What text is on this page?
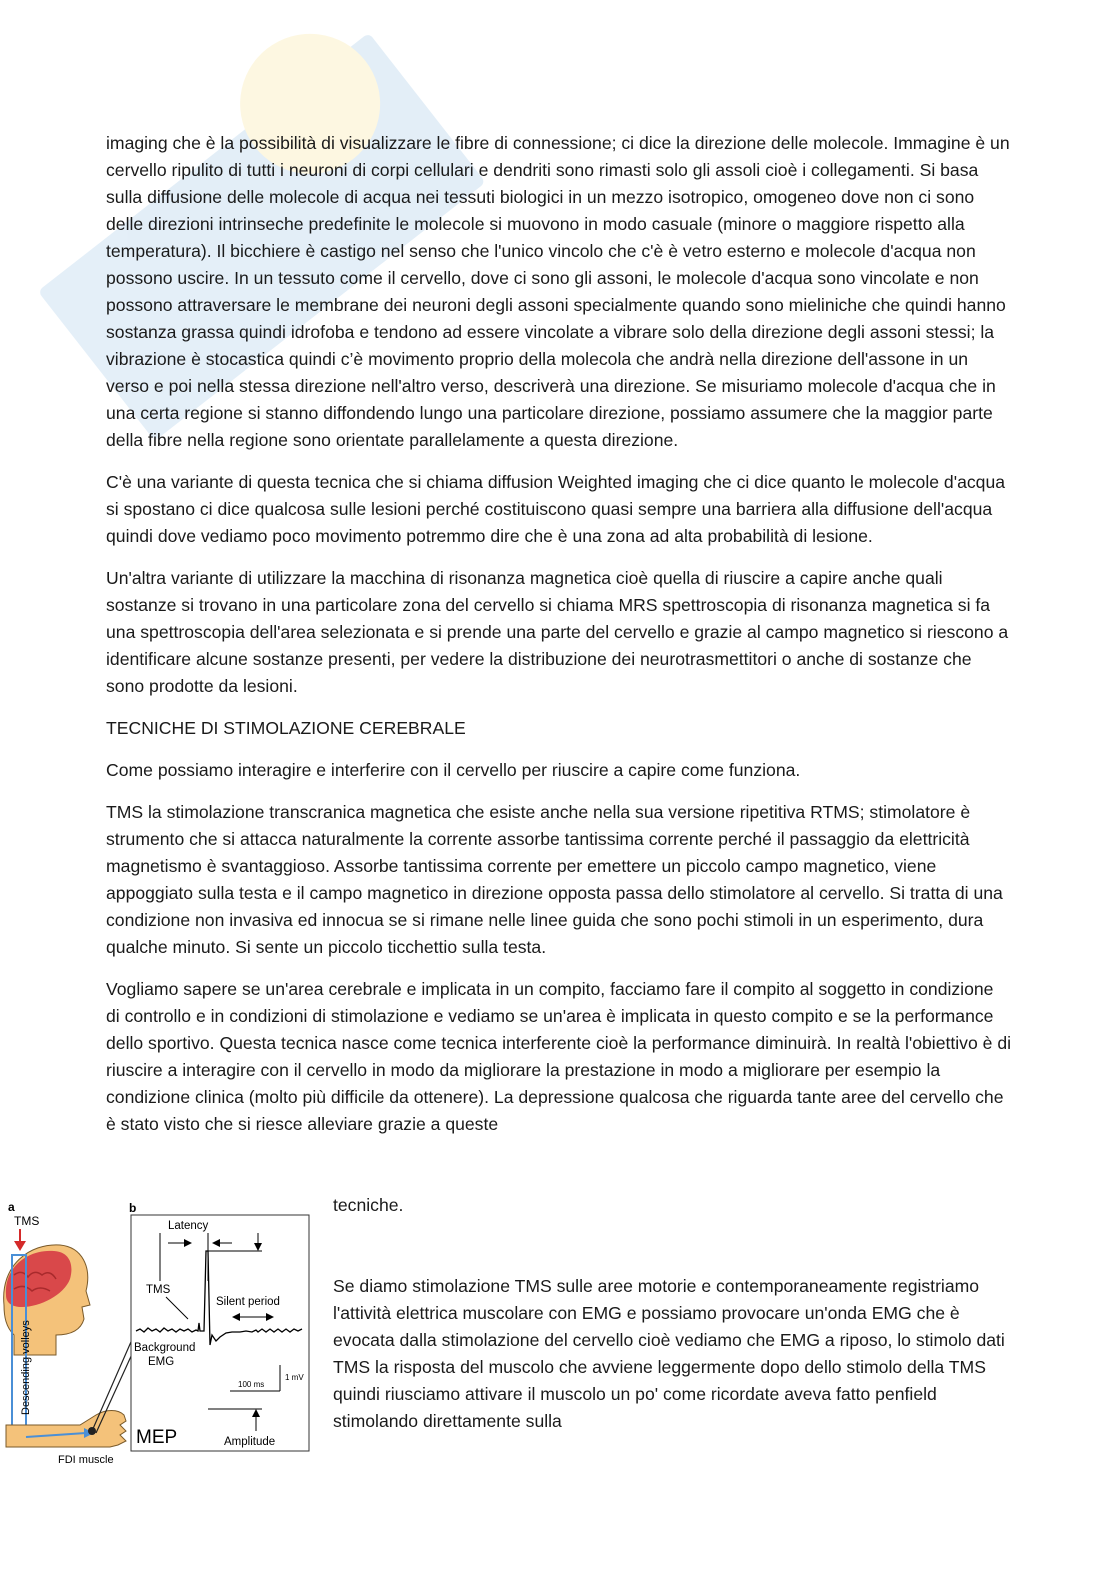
imaging che è la possibilità di visualizzare le fibre di connessione; ci dice la direzione delle molecole. Immagine è un cervello ripulito di tutti i neuroni di corpi cellulari e dendriti sono rimasti solo gli assoli cioè i collegamenti. Si basa sulla diffusione delle molecole di acqua nei tessuti biologici in un mezzo isotropico, omogeneo dove non ci sono delle direzioni intrinseche predefinite le molecole si muovono in modo casuale (minore o maggiore rispetto alla temperatura). Il bicchiere è castigo nel senso che l'unico vincolo che c'è è vetro esterno e molecole d'acqua non possono uscire. In un tessuto come il cervello, dove ci sono gli assoni, le molecole d'acqua sono vincolate e non possono attraversare le membrane dei neuroni degli assoni specialmente quando sono mieliniche che quindi hanno sostanza grassa quindi idrofoba e tendono ad essere vincolate a vibrare solo della direzione degli assoni stessi; la vibrazione è stocastica quindi c’è movimento proprio della molecola che andrà nella direzione dell'assone in un verso e poi nella stessa direzione nell'altro verso, descriverà una direzione. Se misuriamo molecole d'acqua che in una certa regione si stanno diffondendo lungo una particolare direzione, possiamo assumere che la maggior parte della fibre nella regione sono orientate parallelamente a questa direzione.

C'è una variante di questa tecnica che si chiama diffusion Weighted imaging che ci dice quanto le molecole d'acqua si spostano ci dice qualcosa sulle lesioni perché costituiscono quasi sempre una barriera alla diffusione dell'acqua quindi dove vediamo poco movimento potremmo dire che è una zona ad alta probabilità di lesione.

Un'altra variante di utilizzare la macchina di risonanza magnetica cioè quella di riuscire a capire anche quali sostanze si trovano in una particolare zona del cervello si chiama MRS spettroscopia di risonanza magnetica si fa una spettroscopia dell'area selezionata e si prende una parte del cervello e grazie al campo magnetico si riescono a identificare alcune sostanze presenti, per vedere la distribuzione dei neurotrasmettitori o anche di sostanze che sono prodotte da lesioni.

TECNICHE DI STIMOLAZIONE CEREBRALE

Come possiamo interagire e interferire con il cervello per riuscire a capire come funziona.

TMS la stimolazione transcranica magnetica che esiste anche nella sua versione ripetitiva RTMS; stimolatore è strumento che si attacca naturalmente la corrente assorbe tantissima corrente perché il passaggio da elettricità magnetismo è svantaggioso. Assorbe tantissima corrente per emettere un piccolo campo magnetico, viene appoggiato sulla testa e il campo magnetico in direzione opposta passa dello stimolatore al cervello. Si tratta di una condizione non invasiva ed innocua se si rimane nelle linee guida che sono pochi stimoli in un esperimento, dura qualche minuto. Si sente un piccolo ticchettio sulla testa.

Vogliamo sapere se un'area cerebrale e implicata in un compito, facciamo fare il compito al soggetto in condizione di controllo e in condizioni di stimolazione e vediamo se un'area è implicata in questo compito e se la performance dello sportivo. Questa tecnica nasce come tecnica interferente cioè la performance diminuirà. In realtà l'obiettivo è di riuscire a interagire con il cervello in modo da migliorare la prestazione in modo a migliorare per esempio la condizione clinica (molto più difficile da ottenere). La depressione qualcosa che riguarda tante aree del cervello che è stato visto che si riesce alleviare grazie a queste

a
TMS
Descending volleys
FDI muscle
b
Latency
TMS
Silent period
Background
EMG
100 ms
1 mV
MEP	Amplitude

tecniche.

Se diamo stimolazione TMS sulle aree motorie e contemporaneamente registriamo l'attività elettrica muscolare con EMG e possiamo provocare un'onda EMG che è evocata dalla stimolazione del cervello cioè vediamo che EMG a riposo, lo stimolo dati TMS la risposta del muscolo che avviene leggermente dopo dello stimolo della TMS quindi riusciamo attivare il muscolo un po' come ricordate aveva fatto penfield stimolando direttamente sulla
